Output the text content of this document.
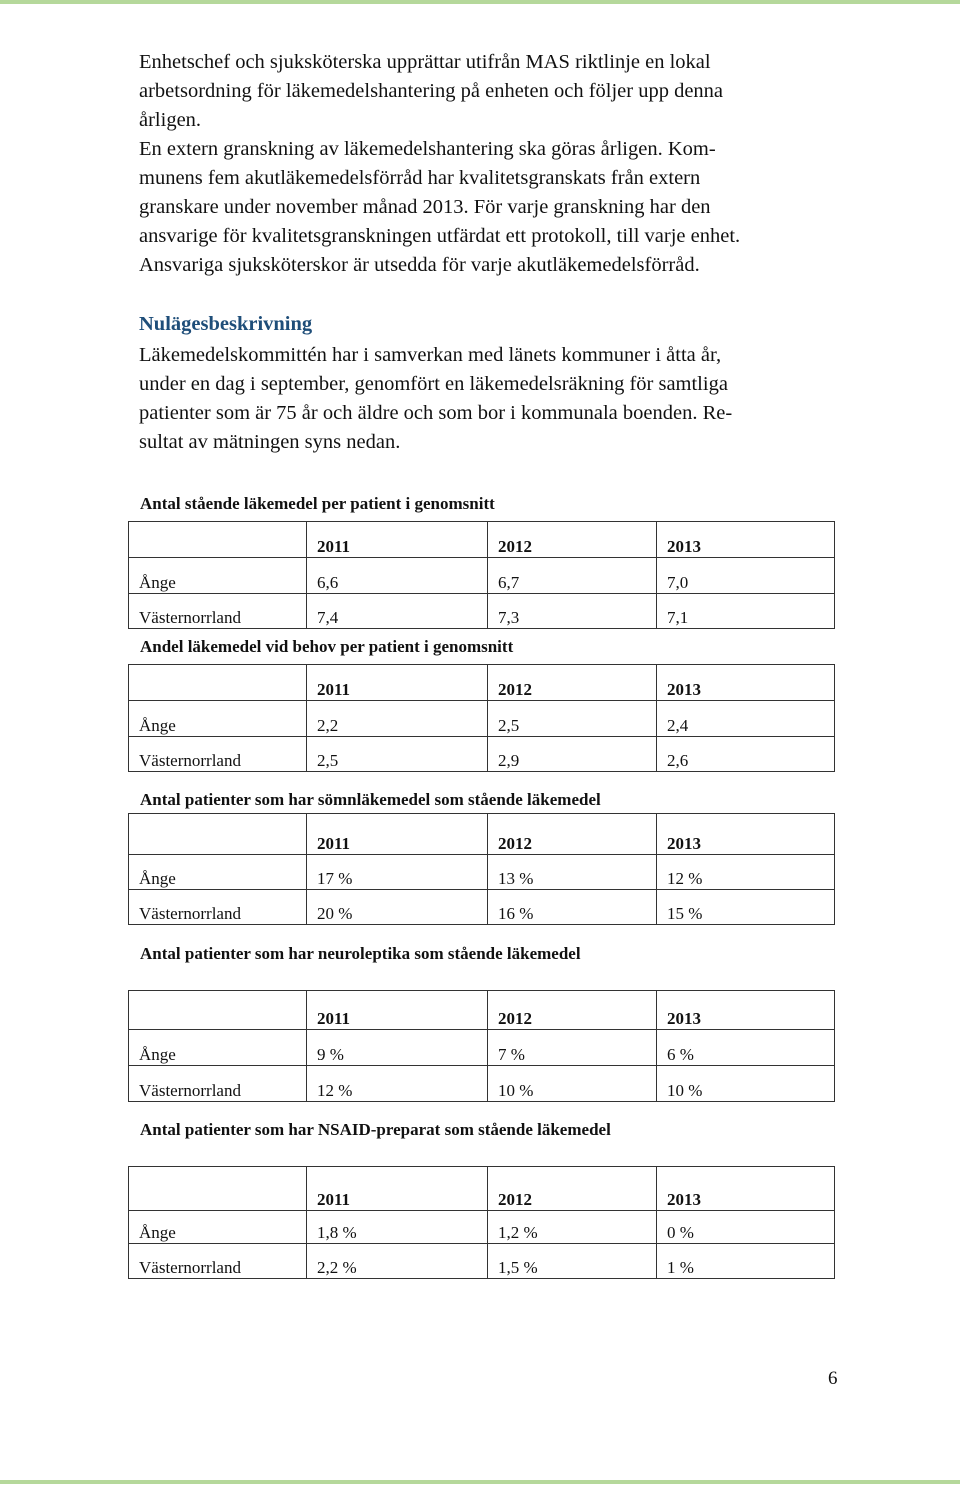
Enhetschef och sjuksköterska upprättar utifrån MAS riktlinje en lokal
arbetsordning för läkemedelshantering på enheten och följer upp denna
årligen.
En extern granskning av läkemedelshantering ska göras årligen. Kom-
munens fem akutläkemedelsförråd har kvalitetsgranskats från extern
granskare under november månad 2013. För varje granskning har den
ansvarige för kvalitetsgranskningen utfärdat ett protokoll, till varje enhet.
Ansvariga sjuksköterskor är utsedda för varje akutläkemedelsförråd.
Nulägesbeskrivning
Läkemedelskommittén har i samverkan med länets kommuner i åtta år,
under en dag i september, genomfört en läkemedelsräkning för samtliga
patienter som är 75 år och äldre och som bor i kommunala boenden. Re-
sultat av mätningen syns nedan.
Antal stående läkemedel per patient i genomsnitt
	2011	2012	2013
Ånge	6,6	6,7	7,0
Västernorrland	7,4	7,3	7,1
Andel läkemedel vid behov per patient i genomsnitt
	2011	2012	2013
Ånge	2,2	2,5	2,4
Västernorrland	2,5	2,9	2,6
Antal patienter som har sömnläkemedel som stående läkemedel
	2011	2012	2013
Ånge	17 %	13 %	12 %
Västernorrland	20 %	16 %	15 %
Antal patienter som har neuroleptika som stående läkemedel
	2011	2012	2013
Ånge	9 %	7 %	6 %
Västernorrland	12 %	10 %	10 %
Antal patienter som har NSAID-preparat som stående läkemedel
	2011	2012	2013
Ånge	1,8 %	1,2 %	0 %
Västernorrland	2,2 %	1,5 %	1 %
6
